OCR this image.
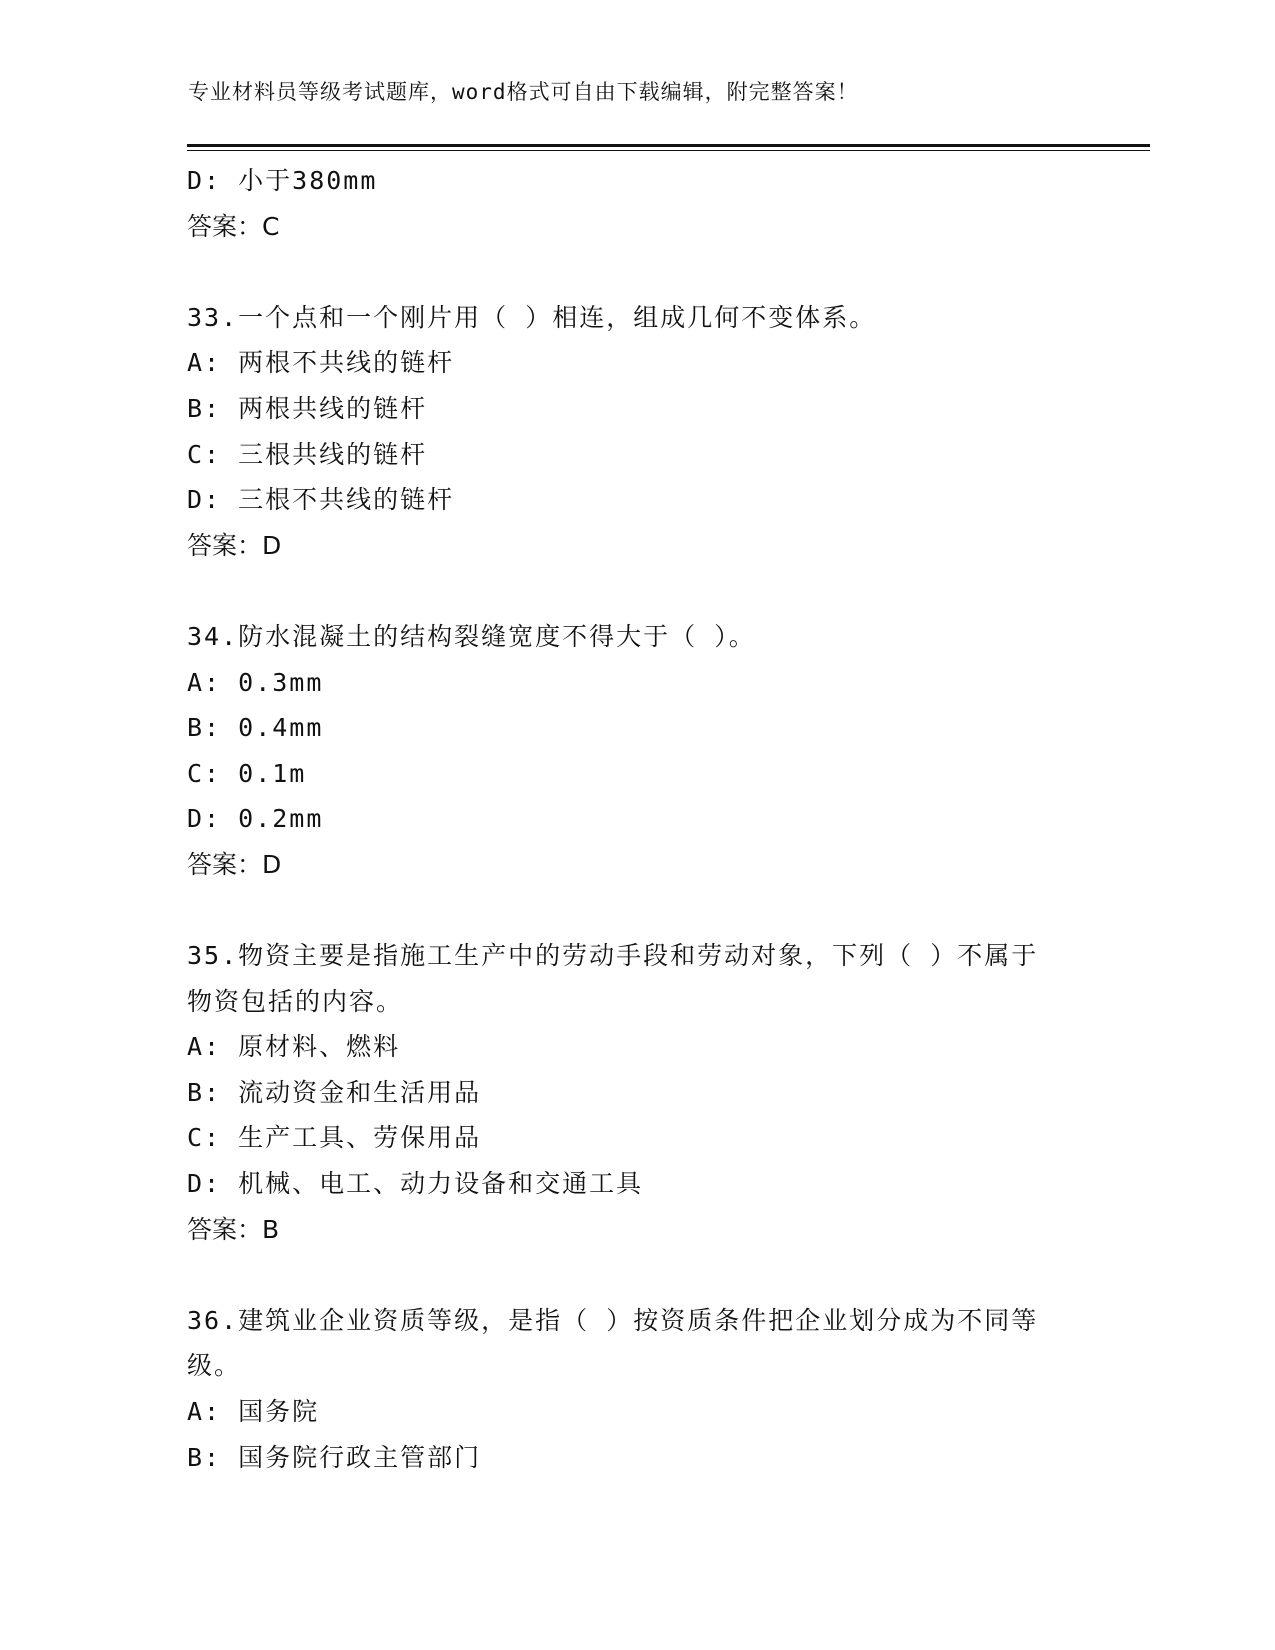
专业材料员等级考试题库，word格式可自由下载编辑，附完整答案！
D: 小于380mm
答案：C
33.一个点和一个刚片用（ ）相连，组成几何不变体系。
A: 两根不共线的链杆
B: 两根共线的链杆
C: 三根共线的链杆
D: 三根不共线的链杆
答案：D
34.防水混凝土的结构裂缝宽度不得大于（ ）。
A: 0.3mm
B: 0.4mm
C: 0.1m
D: 0.2mm
答案：D
35.物资主要是指施工生产中的劳动手段和劳动对象，下列（ ）不属于物资包括的内容。
A: 原材料、燃料
B: 流动资金和生活用品
C: 生产工具、劳保用品
D: 机械、电工、动力设备和交通工具
答案：B
36.建筑业企业资质等级，是指（ ）按资质条件把企业划分成为不同等级。
A: 国务院
B: 国务院行政主管部门
